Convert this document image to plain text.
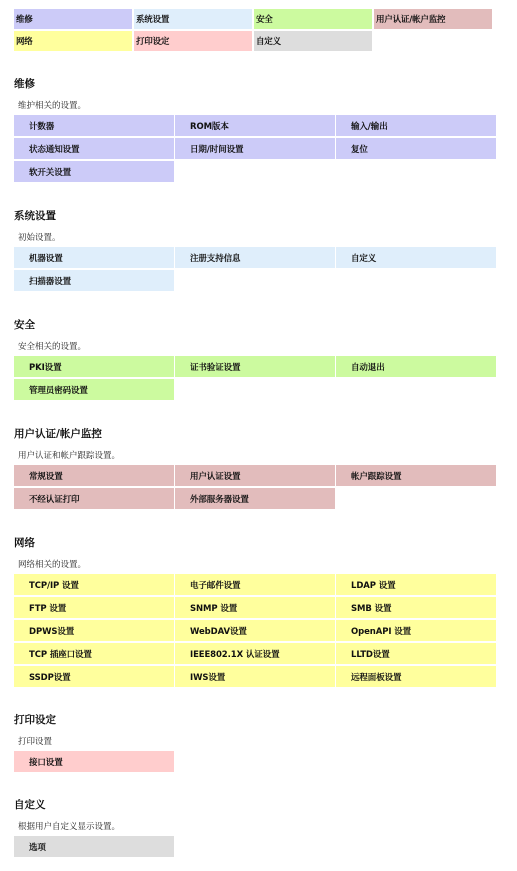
维修	系统设置	安全	用户认证/帐户监控
网络	打印设定	自定义
维修
维护相关的设置。
计数器	ROM版本	输入/输出
状态通知设置	日期/时间设置	复位
软开关设置
系统设置
初始设置。
机器设置	注册支持信息	自定义
扫描器设置
安全
安全相关的设置。
PKI设置	证书验证设置	自动退出
管理员密码设置
用户认证/帐户监控
用户认证和帐户跟踪设置。
常规设置	用户认证设置	帐户跟踪设置
不经认证打印	外部服务器设置
网络
网络相关的设置。
TCP/IP 设置	电子邮件设置	LDAP 设置
FTP 设置	SNMP 设置	SMB 设置
DPWS设置	WebDAV设置	OpenAPI 设置
TCP 插座口设置	IEEE802.1X 认证设置	LLTD设置
SSDP设置	IWS设置	远程面板设置
打印设定
打印设置
接口设置
自定义
根据用户自定义显示设置。
选项
